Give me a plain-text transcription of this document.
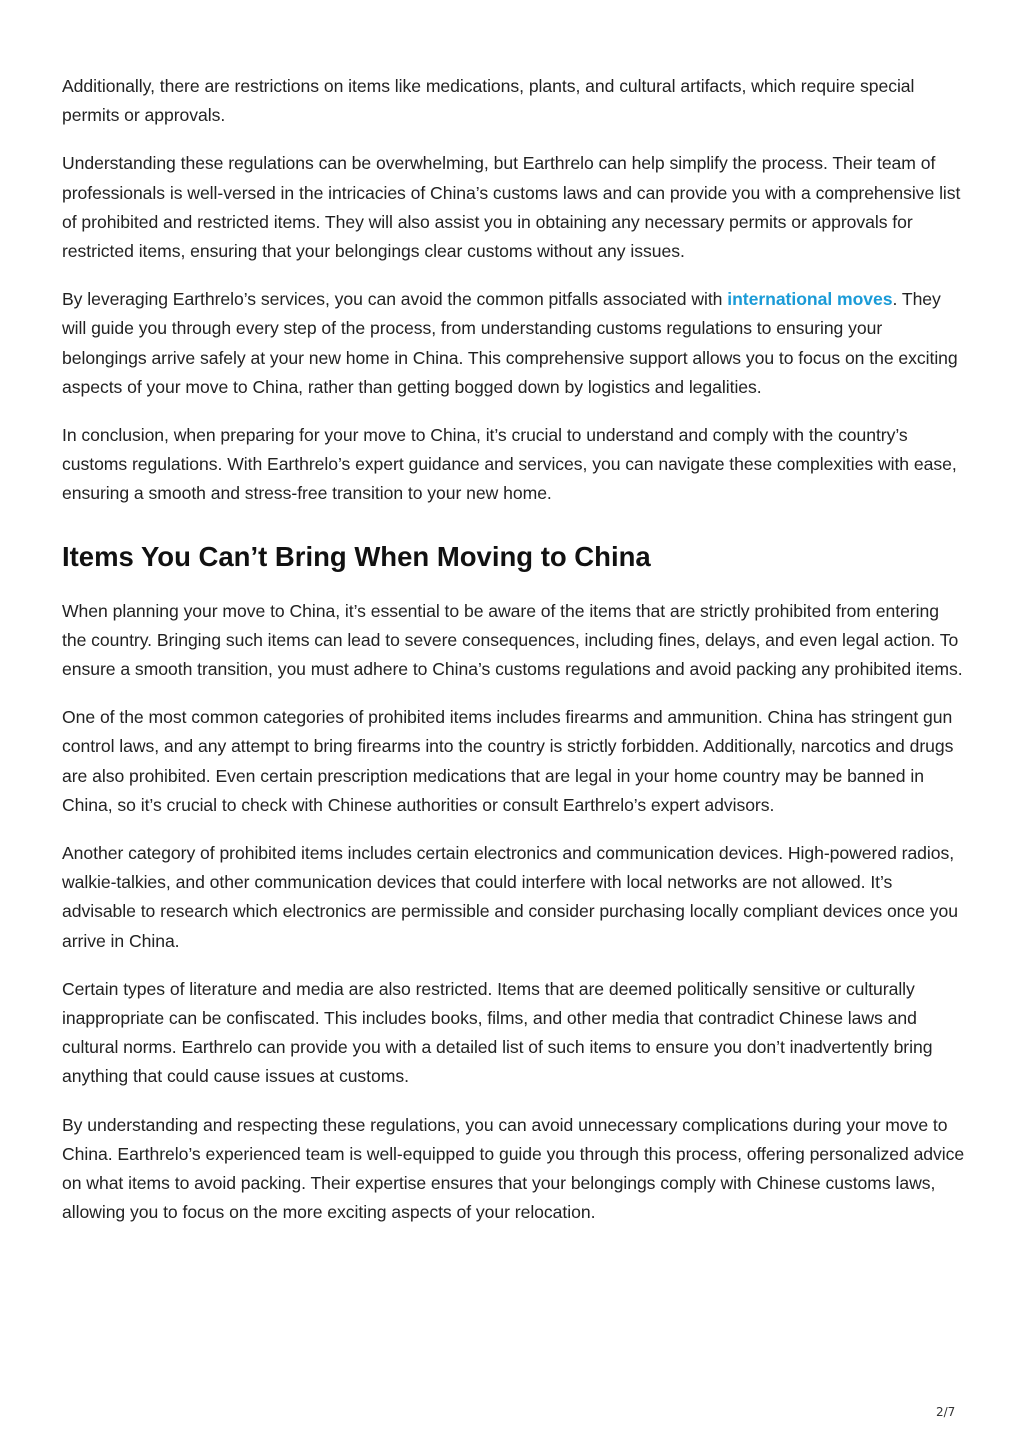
Additionally, there are restrictions on items like medications, plants, and cultural artifacts, which require special permits or approvals.

Understanding these regulations can be overwhelming, but Earthrelo can help simplify the process. Their team of professionals is well-versed in the intricacies of China’s customs laws and can provide you with a comprehensive list of prohibited and restricted items. They will also assist you in obtaining any necessary permits or approvals for restricted items, ensuring that your belongings clear customs without any issues.

By leveraging Earthrelo’s services, you can avoid the common pitfalls associated with international moves. They will guide you through every step of the process, from understanding customs regulations to ensuring your belongings arrive safely at your new home in China. This comprehensive support allows you to focus on the exciting aspects of your move to China, rather than getting bogged down by logistics and legalities.

In conclusion, when preparing for your move to China, it’s crucial to understand and comply with the country’s customs regulations. With Earthrelo’s expert guidance and services, you can navigate these complexities with ease, ensuring a smooth and stress-free transition to your new home.

Items You Can’t Bring When Moving to China

When planning your move to China, it’s essential to be aware of the items that are strictly prohibited from entering the country. Bringing such items can lead to severe consequences, including fines, delays, and even legal action. To ensure a smooth transition, you must adhere to China’s customs regulations and avoid packing any prohibited items.

One of the most common categories of prohibited items includes firearms and ammunition. China has stringent gun control laws, and any attempt to bring firearms into the country is strictly forbidden. Additionally, narcotics and drugs are also prohibited. Even certain prescription medications that are legal in your home country may be banned in China, so it’s crucial to check with Chinese authorities or consult Earthrelo’s expert advisors.

Another category of prohibited items includes certain electronics and communication devices. High-powered radios, walkie-talkies, and other communication devices that could interfere with local networks are not allowed. It’s advisable to research which electronics are permissible and consider purchasing locally compliant devices once you arrive in China.

Certain types of literature and media are also restricted. Items that are deemed politically sensitive or culturally inappropriate can be confiscated. This includes books, films, and other media that contradict Chinese laws and cultural norms. Earthrelo can provide you with a detailed list of such items to ensure you don’t inadvertently bring anything that could cause issues at customs.

By understanding and respecting these regulations, you can avoid unnecessary complications during your move to China. Earthrelo’s experienced team is well-equipped to guide you through this process, offering personalized advice on what items to avoid packing. Their expertise ensures that your belongings comply with Chinese customs laws, allowing you to focus on the more exciting aspects of your relocation.

2/7
